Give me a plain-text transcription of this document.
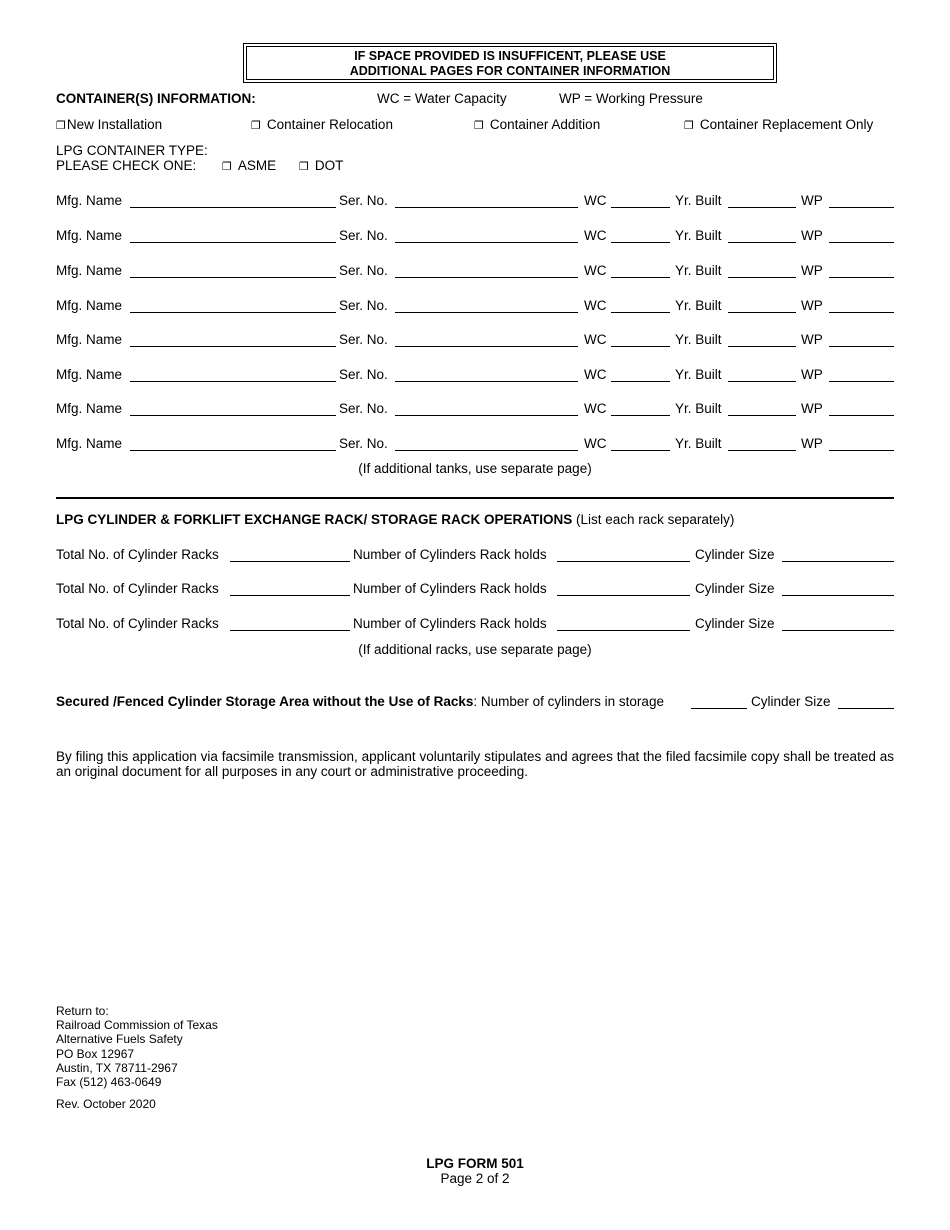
IF SPACE PROVIDED IS INSUFFICENT, PLEASE USE
ADDITIONAL PAGES FOR CONTAINER INFORMATION
CONTAINER(S) INFORMATION:	WC = Water Capacity	WP = Working Pressure
❐New Installation	❐ Container Relocation	❐ Container Addition	❐ Container Replacement Only
LPG CONTAINER TYPE:
PLEASE CHECK ONE:	❐ ASME ❐ DOT
Mfg. Name	Ser. No.	WC	Yr. Built	WP
Mfg. Name	Ser. No.	WC	Yr. Built	WP
Mfg. Name	Ser. No.	WC	Yr. Built	WP
Mfg. Name	Ser. No.	WC	Yr. Built	WP
Mfg. Name	Ser. No.	WC	Yr. Built	WP
Mfg. Name	Ser. No.	WC	Yr. Built	WP
Mfg. Name	Ser. No.	WC	Yr. Built	WP
Mfg. Name	Ser. No.	WC	Yr. Built	WP
(If additional tanks, use separate page)
LPG CYLINDER & FORKLIFT EXCHANGE RACK/ STORAGE RACK OPERATIONS (List each rack separately)
Total No. of Cylinder Racks	Number of Cylinders Rack holds	Cylinder Size
Total No. of Cylinder Racks	Number of Cylinders Rack holds	Cylinder Size
Total No. of Cylinder Racks	Number of Cylinders Rack holds	Cylinder Size
(If additional racks, use separate page)
Secured /Fenced Cylinder Storage Area without the Use of Racks: Number of cylinders in storage	Cylinder Size
By filing this application via facsimile transmission, applicant voluntarily stipulates and agrees that the filed facsimile copy shall be treated as an original document for all purposes in any court or administrative proceeding.
Return to:
Railroad Commission of Texas
Alternative Fuels Safety
PO Box 12967
Austin, TX 78711-2967
Fax (512) 463-0649
Rev. October 2020
LPG FORM 501
Page 2 of 2
